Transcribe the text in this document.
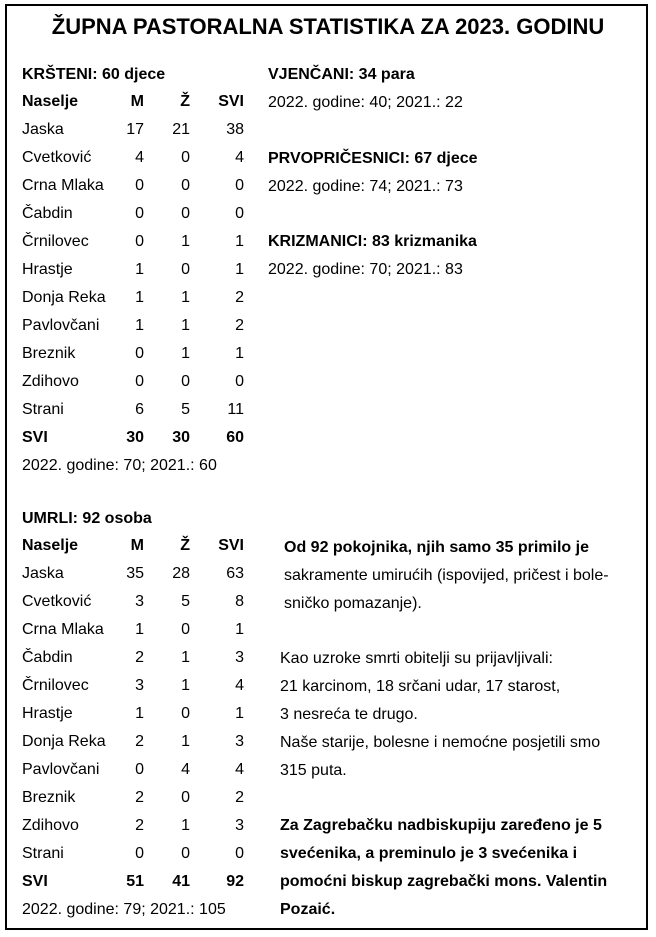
ŽUPNA PASTORALNA STATISTIKA ZA 2023. GODINU
KRŠTENI: 60 djece
Naselje	M	Ž	SVI
Jaska	17	21	38
Cvetković	4	0	4
Crna Mlaka	0	0	0
Čabdin	0	0	0
Črnilovec	0	1	1
Hrastje	1	0	1
Donja Reka	1	1	2
Pavlovčani	1	1	2
Breznik	0	1	1
Zdihovo	0	0	0
Strani	6	5	11
SVI	30	30	60
2022. godine: 70; 2021.: 60
VJENČANI: 34 para
2022. godine: 40; 2021.: 22
PRVOPRIČESNICI: 67 djece
2022. godine: 74; 2021.: 73
KRIZMANICI: 83 krizmanika
2022. godine: 70; 2021.: 83
UMRLI: 92 osoba
Naselje	M	Ž	SVI
Jaska	35	28	63
Cvetković	3	5	8
Crna Mlaka	1	0	1
Čabdin	2	1	3
Črnilovec	3	1	4
Hrastje	1	0	1
Donja Reka	2	1	3
Pavlovčani	0	4	4
Breznik	2	0	2
Zdihovo	2	1	3
Strani	0	0	0
SVI	51	41	92
2022. godine: 79; 2021.: 105
Od 92 pokojnika, njih samo 35 primilo je
sakramente umirućih (ispovijed, pričest i bole-
sničko pomazanje).
Kao uzroke smrti obitelji su prijavljivali:
21 karcinom, 18 srčani udar, 17 starost,
3 nesreća te drugo.
Naše starije, bolesne i nemoćne posjetili smo
315 puta.
Za Zagrebačku nadbiskupiju zaređeno je 5
svećenika, a preminulo je 3 svećenika i
pomoćni biskup zagrebački mons. Valentin
Pozaić.
